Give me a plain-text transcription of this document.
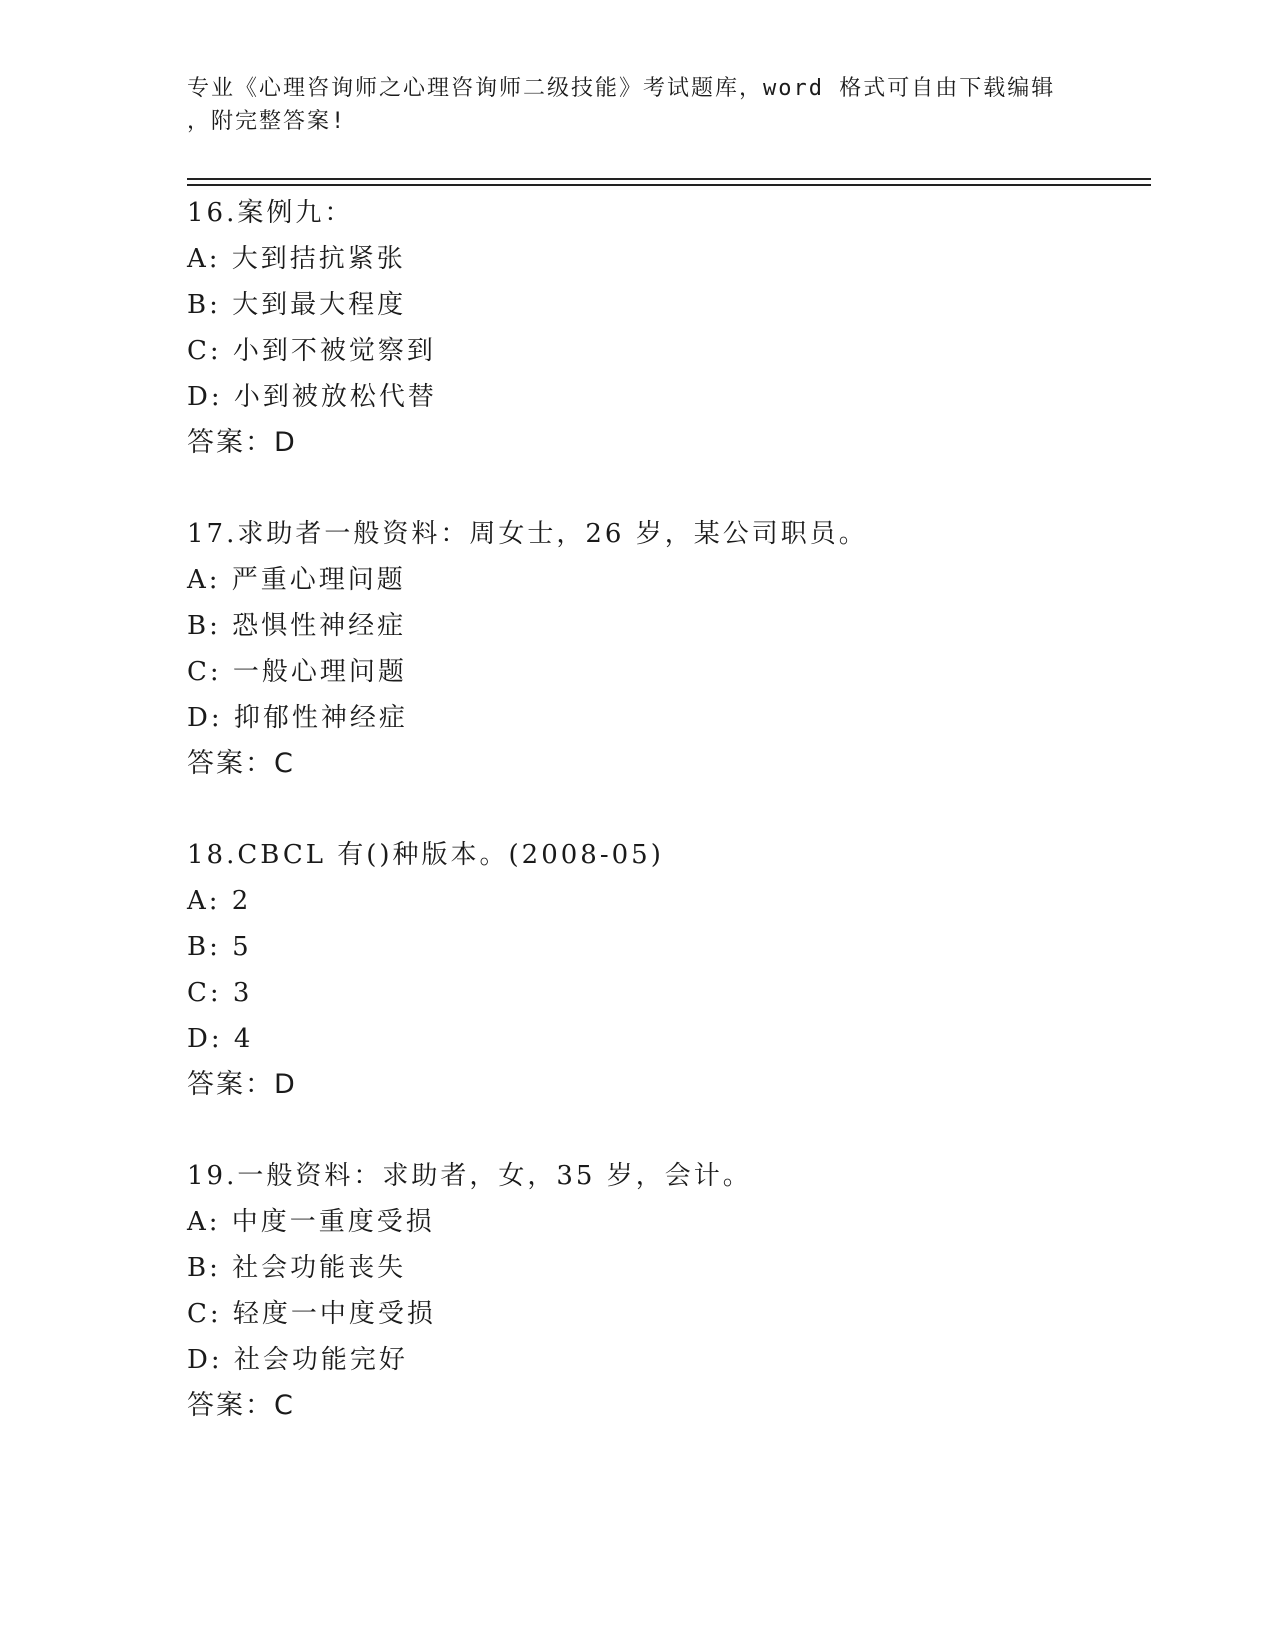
专业《心理咨询师之心理咨询师二级技能》考试题库，word 格式可自由下载编辑
，附完整答案!
16.案例九：
A: 大到拮抗紧张
B: 大到最大程度
C: 小到不被觉察到
D: 小到被放松代替
答案：D
17.求助者一般资料：周女士，26 岁，某公司职员。
A: 严重心理问题
B: 恐惧性神经症
C: 一般心理问题
D: 抑郁性神经症
答案：C
18.CBCL 有()种版本。(2008-05)
A: 2
B: 5
C: 3
D: 4
答案：D
19.一般资料：求助者，女，35 岁，会计。
A: 中度一重度受损
B: 社会功能丧失
C: 轻度一中度受损
D: 社会功能完好
答案：C
